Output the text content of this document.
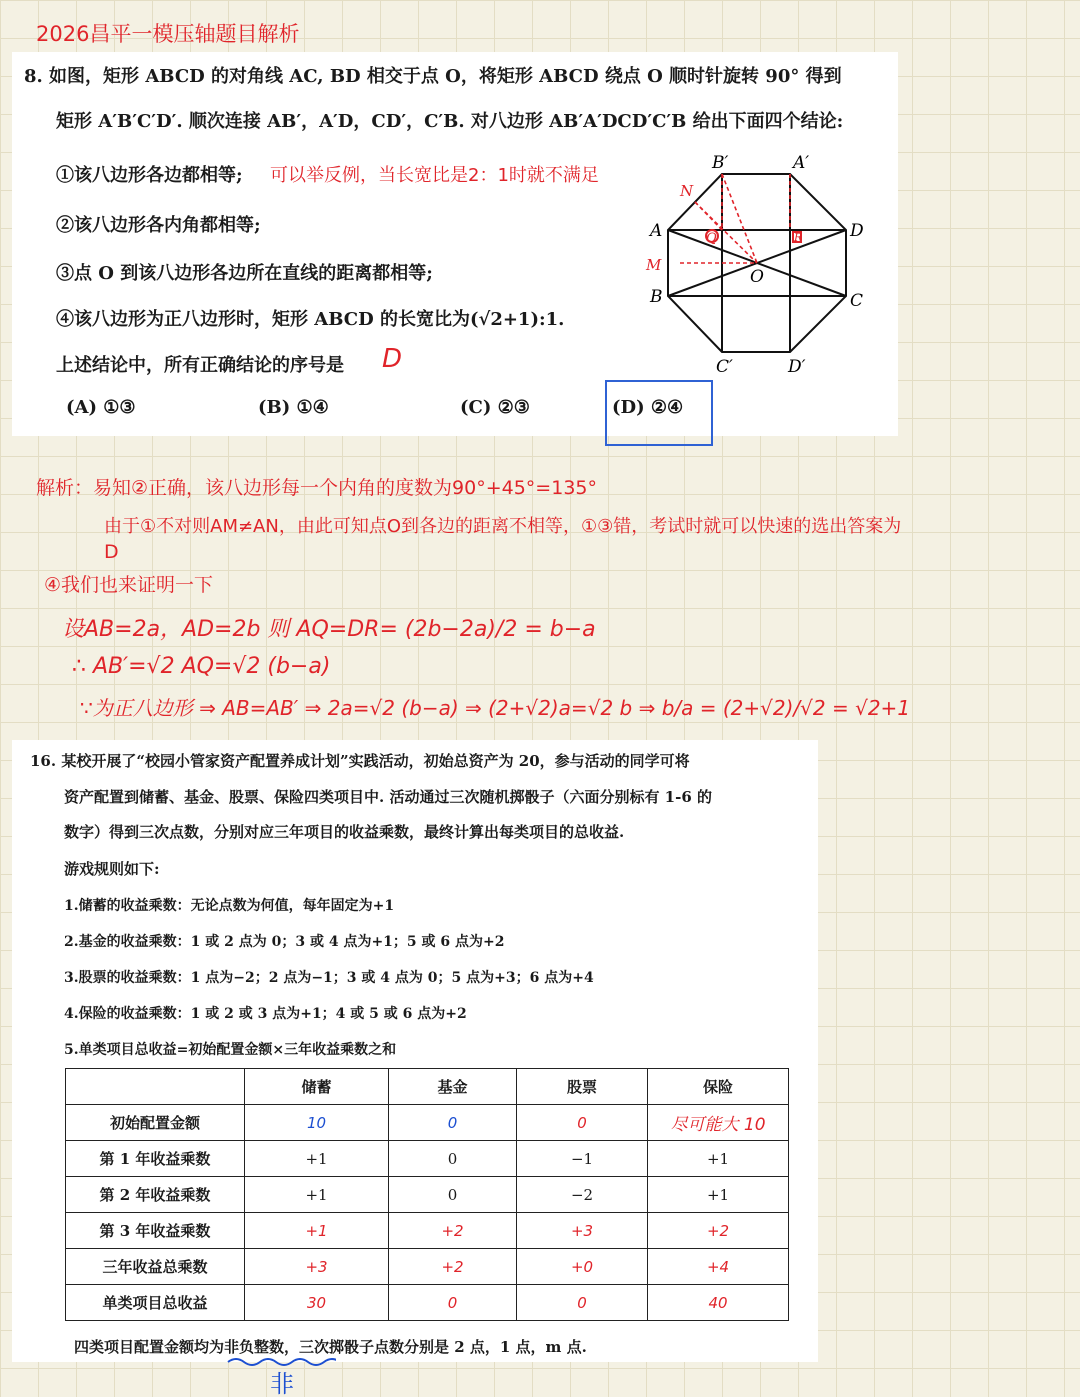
2026昌平一模压轴题目解析
8. 如图，矩形 ABCD 的对角线 AC, BD 相交于点 O，将矩形 ABCD 绕点 O 顺时针旋转 90° 得到
矩形 A′B′C′D′. 顺次连接 AB′，A′D，CD′，C′B. 对八边形 AB′A′DCD′C′B 给出下面四个结论:
①该八边形各边都相等; 可以举反例，当长宽比是2：1时就不满足
②该八边形各内角都相等;
③点 O 到该八边形各边所在直线的距离都相等;
④该八边形为正八边形时，矩形 ABCD 的长宽比为(√2+1):1.
上述结论中，所有正确结论的序号是 D
(A) ①③	(B) ①④	(C) ②③	(D) ②④
B′	A′
A	D
O
B	C
C′	D′
Q	R
N
M
解析：易知②正确，该八边形每一个内角的度数为90°+45°=135°
由于①不对则AM≠AN，由此可知点O到各边的距离不相等，①③错，考试时就可以快速的选出答案为
D
④我们也来证明一下
设AB=2a，AD=2b 则 AQ=DR= (2b−2a)/2 = b−a
∴ AB′=√2 AQ=√2 (b−a)
∵为正八边形 ⇒ AB=AB′ ⇒ 2a=√2 (b−a) ⇒ (2+√2)a=√2 b ⇒ b/a = (2+√2)/√2 = √2+1
16. 某校开展了“校园小管家资产配置养成计划”实践活动，初始总资产为 20，参与活动的同学可将
资产配置到储蓄、基金、股票、保险四类项目中. 活动通过三次随机掷骰子（六面分别标有 1-6 的
数字）得到三次点数，分别对应三年项目的收益乘数，最终计算出每类项目的总收益.
游戏规则如下:
1.储蓄的收益乘数：无论点数为何值，每年固定为+1
2.基金的收益乘数：1 或 2 点为 0；3 或 4 点为+1；5 或 6 点为+2
3.股票的收益乘数：1 点为−2；2 点为−1；3 或 4 点为 0；5 点为+3；6 点为+4
4.保险的收益乘数：1 或 2 或 3 点为+1；4 或 5 或 6 点为+2
5.单类项目总收益=初始配置金额×三年收益乘数之和
	储蓄	基金	股票	保险
初始配置金额	10	0	0	尽可能大 10
第 1 年收益乘数	+1	0	−1	+1
第 2 年收益乘数	+1	0	−2	+1
第 3 年收益乘数	+1	+2	+3	+2
三年收益总乘数	+3	+2	+0	+4
单类项目总收益	30	0	0	40
四类项目配置金额均为非负整数，三次掷骰子点数分别是 2 点，1 点，m 点.
非
